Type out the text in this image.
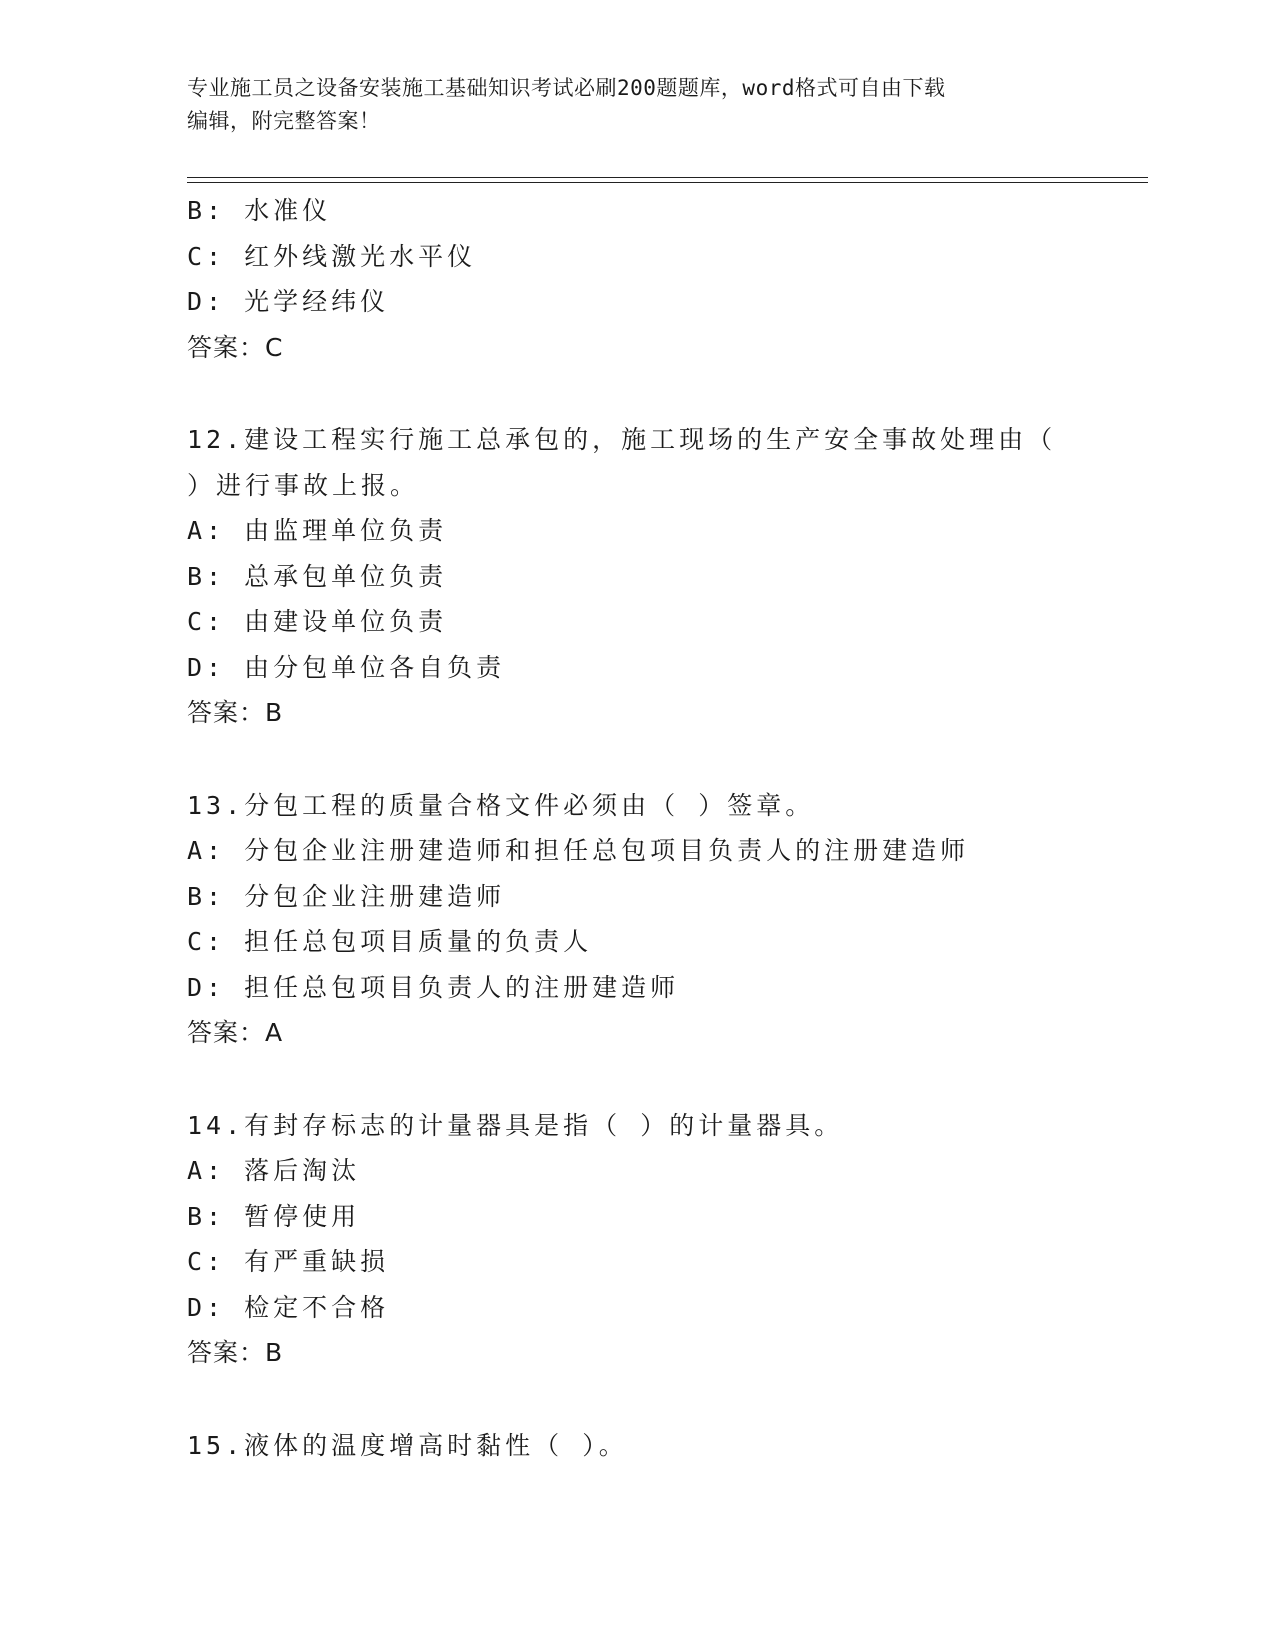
专业施工员之设备安装施工基础知识考试必刷200题题库，word格式可自由下载
编辑，附完整答案！
B: 水准仪
C: 红外线激光水平仪
D: 光学经纬仪
答案：C
12.建设工程实行施工总承包的，施工现场的生产安全事故处理由（
）进行事故上报。
A: 由监理单位负责
B: 总承包单位负责
C: 由建设单位负责
D: 由分包单位各自负责
答案：B
13.分包工程的质量合格文件必须由（ ）签章。
A: 分包企业注册建造师和担任总包项目负责人的注册建造师
B: 分包企业注册建造师
C: 担任总包项目质量的负责人
D: 担任总包项目负责人的注册建造师
答案：A
14.有封存标志的计量器具是指（ ）的计量器具。
A: 落后淘汰
B: 暂停使用
C: 有严重缺损
D: 检定不合格
答案：B
15.液体的温度增高时黏性（ ）。
